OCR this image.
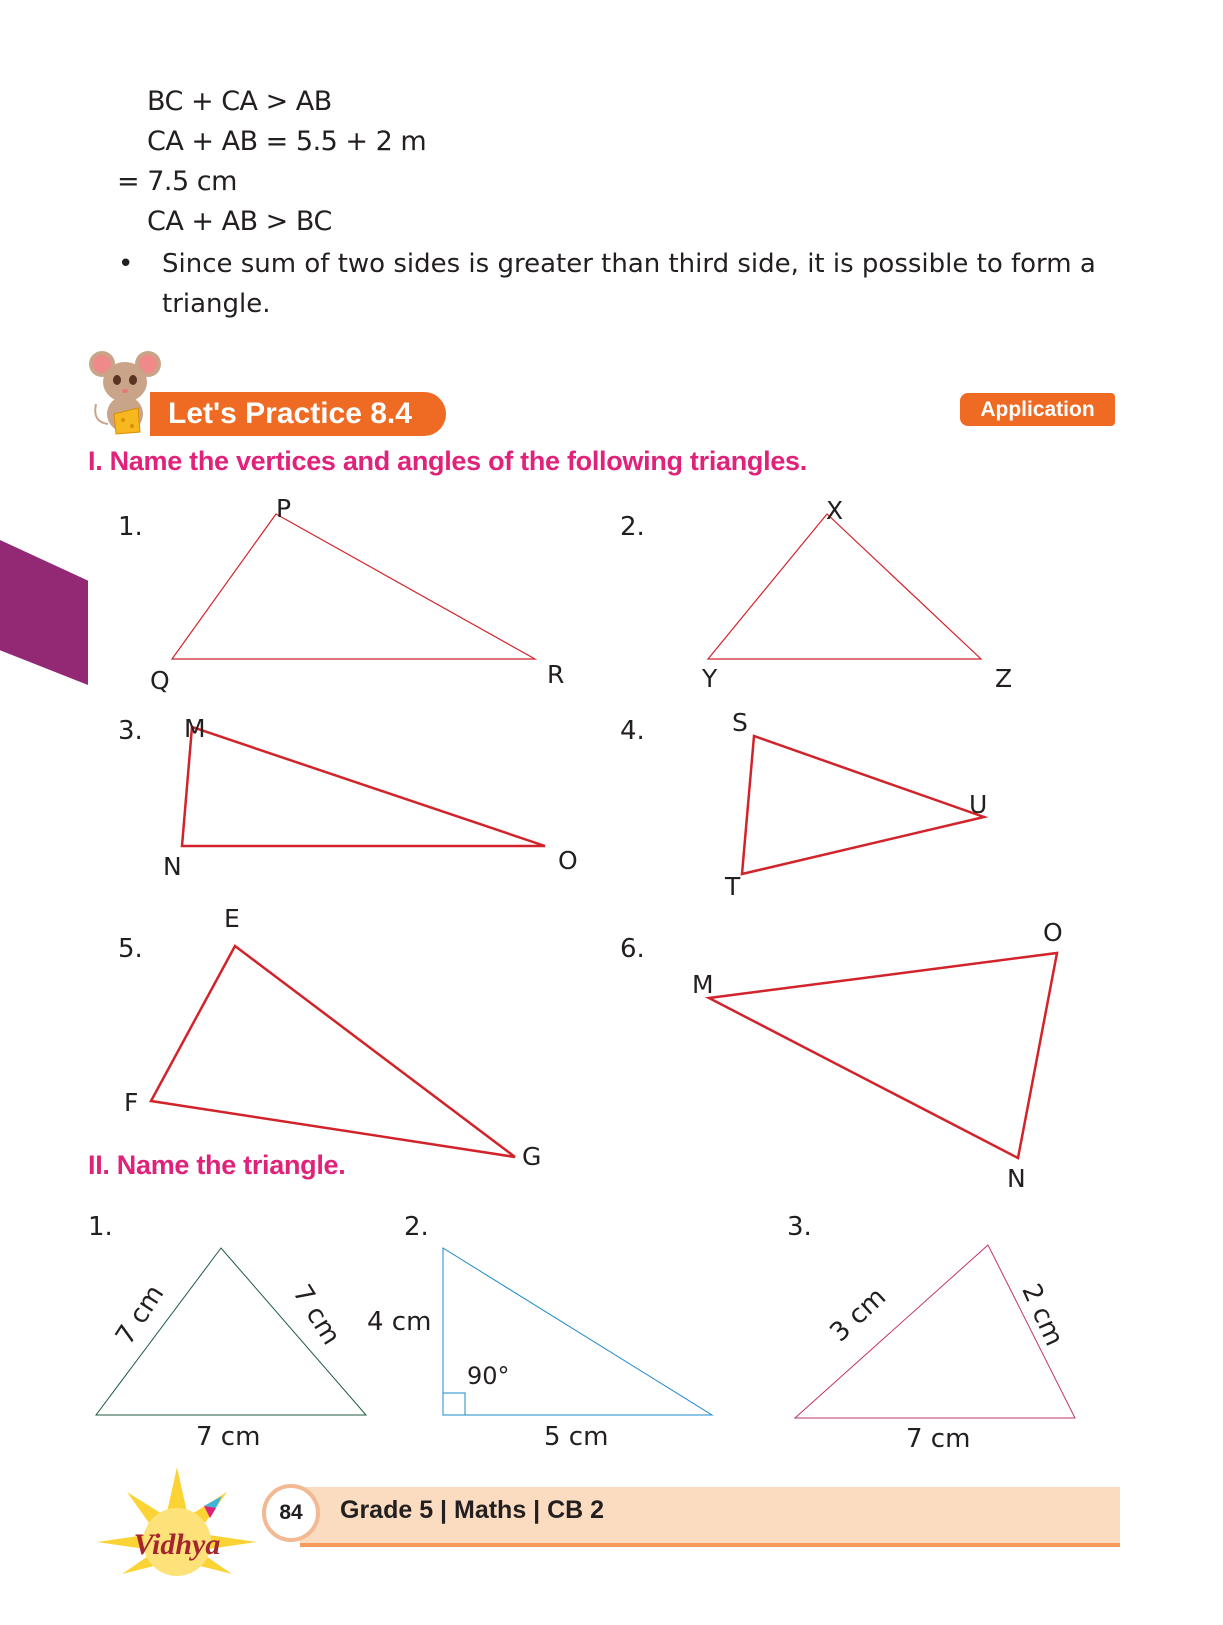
BC + CA > AB
CA + AB = 5.5 + 2 m
= 7.5 cm
CA + AB > BC
• Since sum of two sides is greater than third side, it is possible to form a
triangle.
Let's Practice 8.4	Application
I. Name the vertices and angles of the following triangles.
1.
P
Q	R
2.
X
Y	Z
3. M
N	O
4.	S
T
U
5.
E
F
G
6.
M
O
N
II. Name the triangle.
1.
7 cm	7 cm
7 cm
2.
4 cm
5 cm
90°
3.
3 cm	2 cm
7 cm
Vidhya
84	Grade 5 | Maths | CB 2
